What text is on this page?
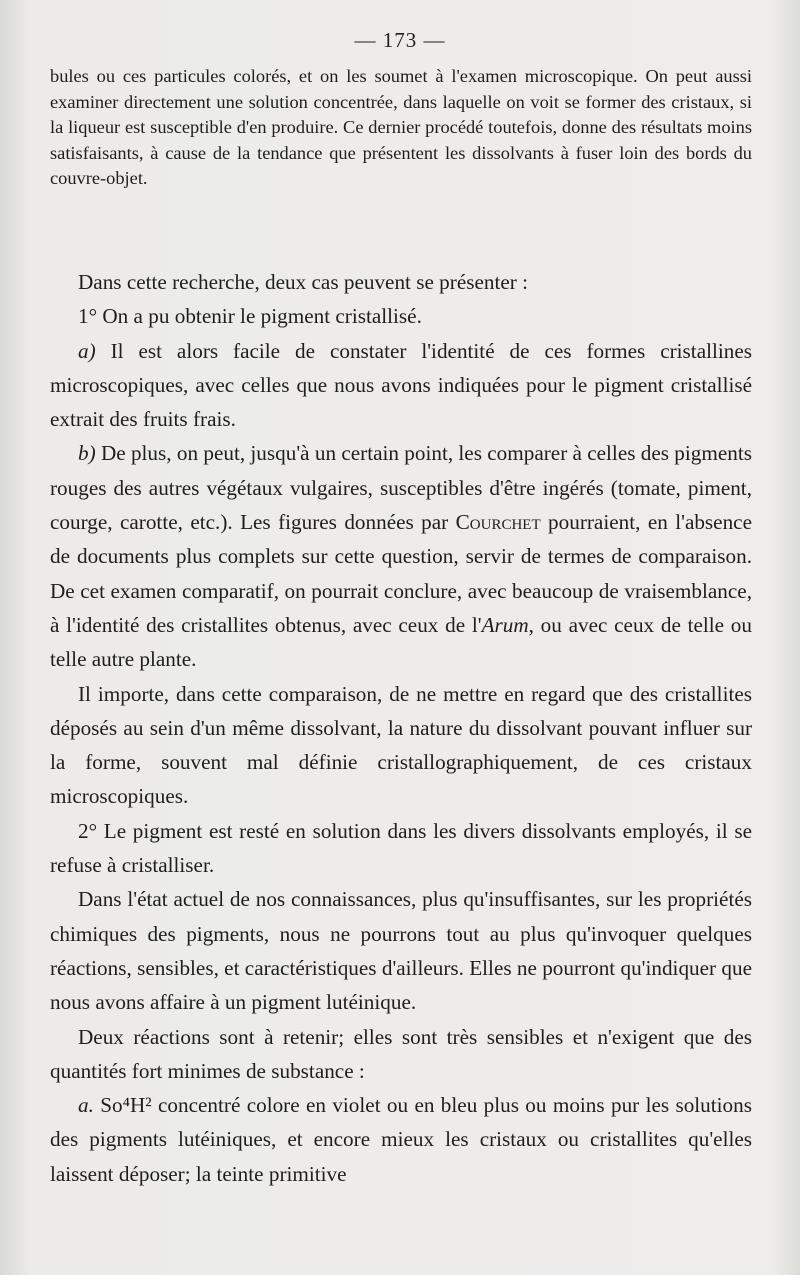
— 173 —

bules ou ces particules colorés, et on les soumet à l'examen microscopique. On peut aussi examiner directement une solution concentrée, dans laquelle on voit se former des cristaux, si la liqueur est susceptible d'en produire. Ce dernier procédé toutefois, donne des résultats moins satisfaisants, à cause de la tendance que présentent les dissolvants à fuser loin des bords du couvre-objet.

Dans cette recherche, deux cas peuvent se présenter :

1° On a pu obtenir le pigment cristallisé.

a) Il est alors facile de constater l'identité de ces formes cristallines microscopiques, avec celles que nous avons indiquées pour le pigment cristallisé extrait des fruits frais.

b) De plus, on peut, jusqu'à un certain point, les comparer à celles des pigments rouges des autres végétaux vulgaires, susceptibles d'être ingérés (tomate, piment, courge, carotte, etc.). Les figures données par Courchet pourraient, en l'absence de documents plus complets sur cette question, servir de termes de comparaison. De cet examen comparatif, on pourrait conclure, avec beaucoup de vraisemblance, à l'identité des cristallites obtenus, avec ceux de l'Arum, ou avec ceux de telle ou telle autre plante.

Il importe, dans cette comparaison, de ne mettre en regard que des cristallites déposés au sein d'un même dissolvant, la nature du dissolvant pouvant influer sur la forme, souvent mal définie cristallographiquement, de ces cristaux microscopiques.

2° Le pigment est resté en solution dans les divers dissolvants employés, il se refuse à cristalliser.

Dans l'état actuel de nos connaissances, plus qu'insuffisantes, sur les propriétés chimiques des pigments, nous ne pourrons tout au plus qu'invoquer quelques réactions, sensibles, et caractéristiques d'ailleurs. Elles ne pourront qu'indiquer que nous avons affaire à un pigment lutéinique.

Deux réactions sont à retenir; elles sont très sensibles et n'exigent que des quantités fort minimes de substance :

a. So⁴H² concentré colore en violet ou en bleu plus ou moins pur les solutions des pigments lutéiniques, et encore mieux les cristaux ou cristallites qu'elles laissent déposer; la teinte primitive
